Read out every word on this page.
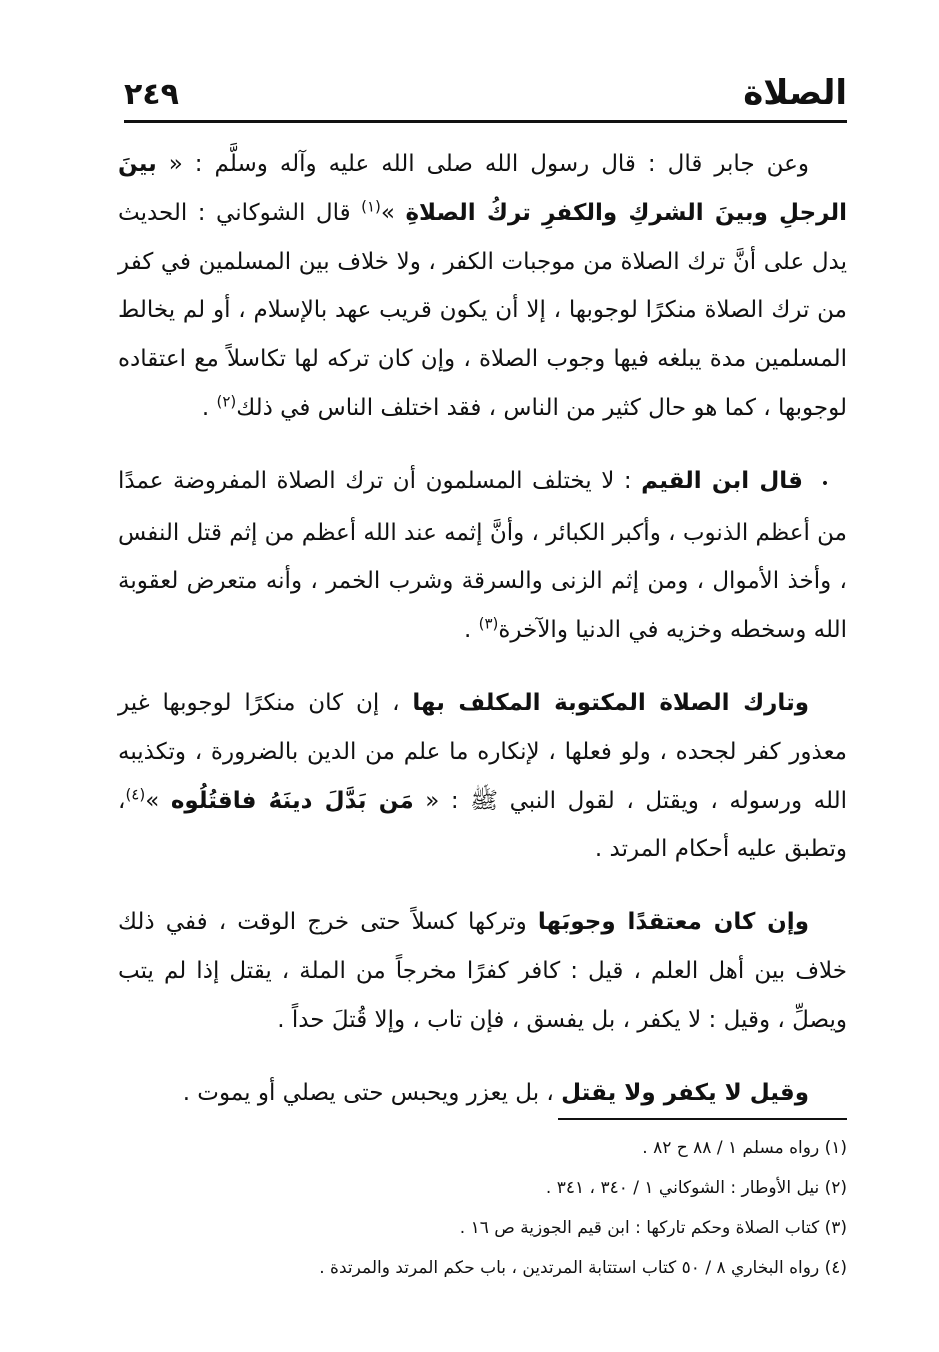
الصلاة
٢٤٩

وعن جابر قال : قال رسول الله صلى الله عليه وآله وسلَّم : « بينَ الرجلِ وبينَ الشركِ والكفرِ تركُ الصلاةِ »$^{(١)}$ قال الشوكاني : الحديث يدل على أنَّ ترك الصلاة من موجبات الكفر ، ولا خلاف بين المسلمين في كفر من ترك الصلاة منكرًا لوجوبها ، إلا أن يكون قريب عهد بالإسلام ، أو لم يخالط المسلمين مدة يبلغه فيها وجوب الصلاة ، وإن كان تركه لها تكاسلاً مع اعتقاده لوجوبها ، كما هو حال كثير من الناس ، فقد اختلف الناس في ذلك$^{(٢)}$ .

•قال ابن القيم : لا يختلف المسلمون أن ترك الصلاة المفروضة عمدًا من أعظم الذنوب ، وأكبر الكبائر ، وأنَّ إثمه عند الله أعظم من إثم قتل النفس ، وأخذ الأموال ، ومن إثم الزنى والسرقة وشرب الخمر ، وأنه متعرض لعقوبة الله وسخطه وخزيه في الدنيا والآخرة$^{(٣)}$ .

وتارك الصلاة المكتوبة المكلف بها ، إن كان منكرًا لوجوبها غير معذور كفر لجحده ، ولو فعلها ، لإنكاره ما علم من الدين بالضرورة ، وتكذيبه الله ورسوله ، ويقتل ، لقول النبي ﷺ : « مَن بَدَّلَ دينَهُ فاقتُلُوه »$^{(٤)}$، وتطبق عليه أحكام المرتد .

وإن كان معتقدًا وجوبَها وتركها كسلاً حتى خرج الوقت ، ففي ذلك خلاف بين أهل العلم ، قيل : كافر كفرًا مخرجاً من الملة ، يقتل إذا لم يتب ويصلِّ ، وقيل : لا يكفر ، بل يفسق ، فإن تاب ، وإلا قُتلَ حداً .

وقيل لا يكفر ولا يقتل ، بل يعزر ويحبس حتى يصلي أو يموت .

(١) رواه مسلم ١ / ٨٨ ح ٨٢ .

(٢) نيل الأوطار : الشوكاني ١ / ٣٤٠ ، ٣٤١ .

(٣) كتاب الصلاة وحكم تاركها : ابن قيم الجوزية ص ١٦ .

(٤) رواه البخاري ٨ / ٥٠ كتاب استتابة المرتدين ، باب حكم المرتد والمرتدة .
